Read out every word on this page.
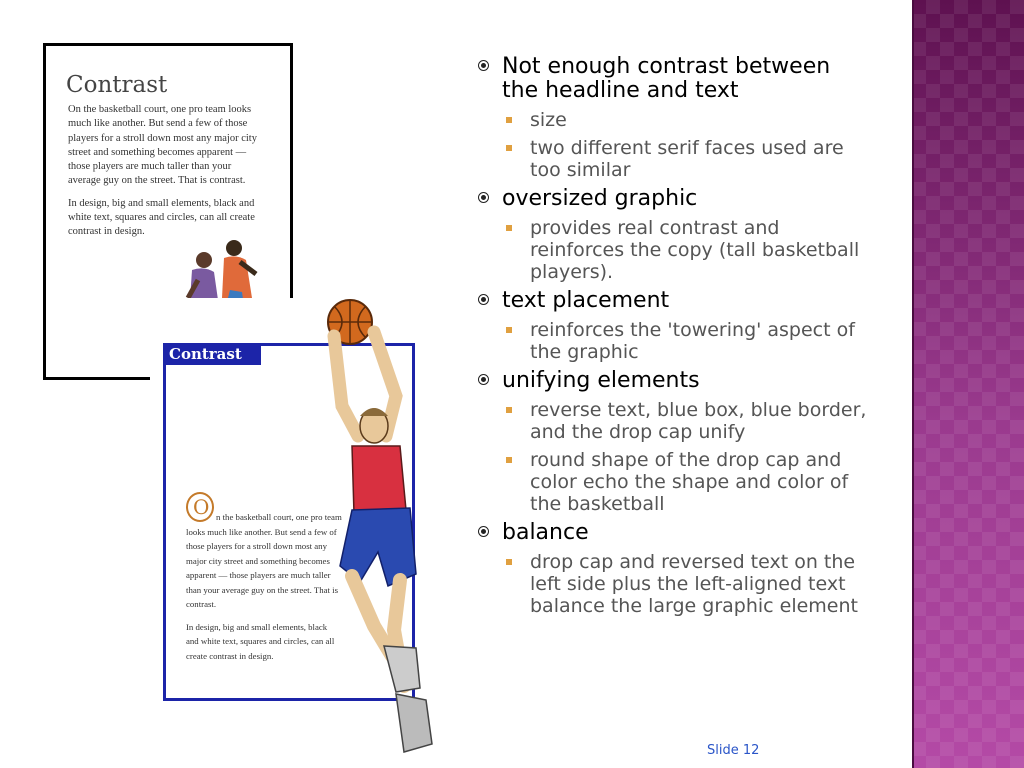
Contrast

On the basketball court, one pro team looks much like another. But send a few of those players for a stroll down most any major city street and something becomes apparent — those players are much taller than your average guy on the street. That is contrast.

In design, big and small elements, black and white text, squares and circles, can all create contrast in design.

Contrast
O n the basketball court, one pro team looks much like another. But send a few of those players for a stroll down most any major city street and something becomes apparent — those players are much taller than your average guy on the street. That is contrast.

In design, big and small elements, black and white text, squares and circles, can all create contrast in design.

Not enough contrast between the headline and text
size
two different serif faces used are too similar
oversized graphic
provides real contrast and reinforces the copy (tall basketball players).
text placement
reinforces the 'towering' aspect of the graphic
unifying elements
reverse text, blue box, blue border, and the drop cap unify
round shape of the drop cap and color echo the shape and color of the basketball
balance
drop cap and reversed text on the left side plus the left-aligned text balance the large graphic element
Slide 12
